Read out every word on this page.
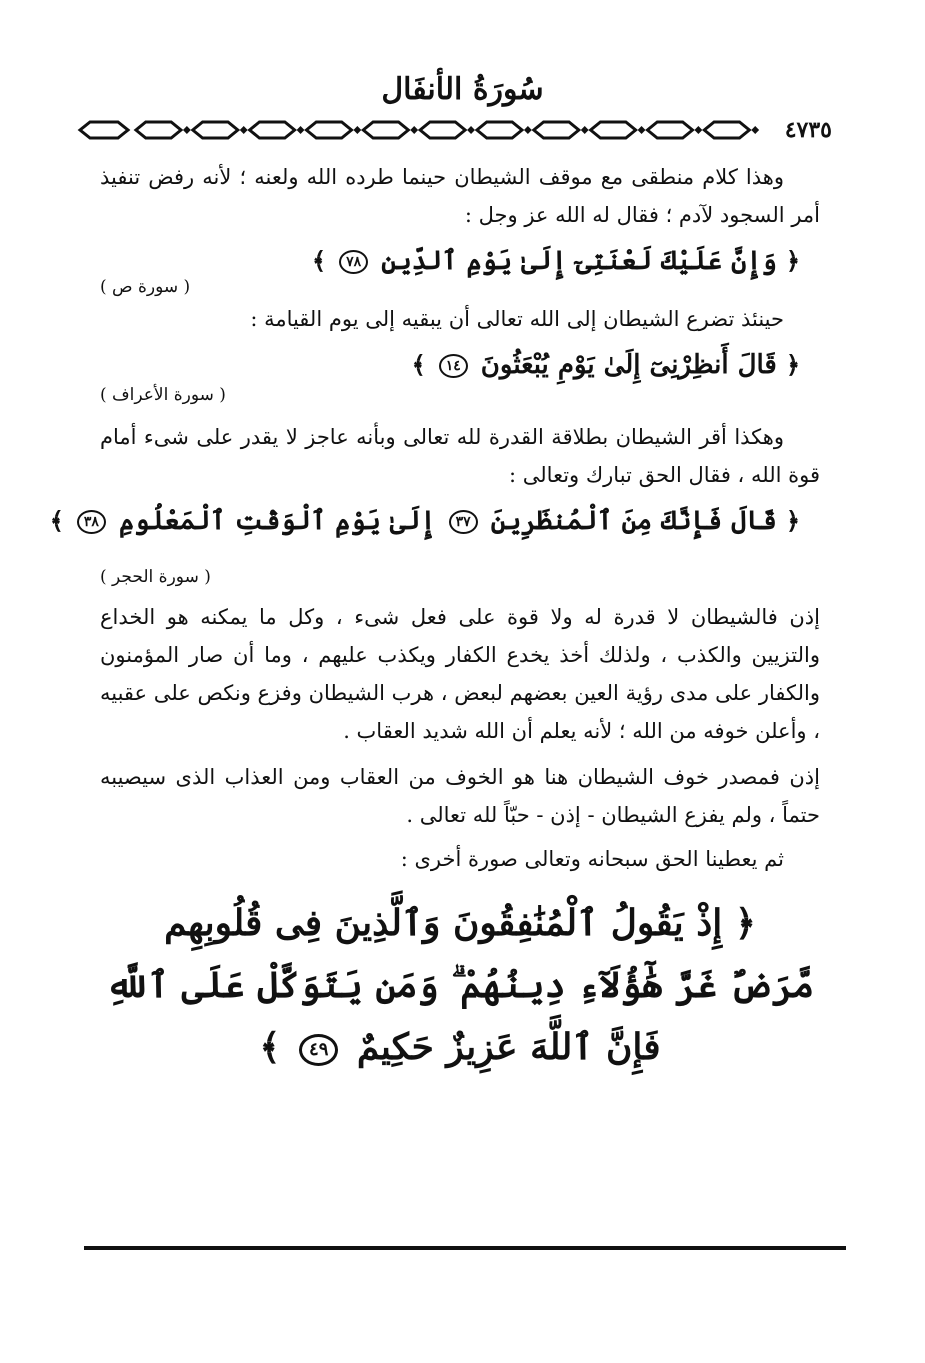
سُورَةُ الأنفَال
٤٧٣٥

وهذا كلام منطقى مع موقف الشيطان حينما طرده الله ولعنه ؛ لأنه رفض تنفيذ أمر السجود لآدم ؛ فقال له الله عز وجل :

﴿ وَإِنَّ عَلَيْكَ لَعْنَتِىٓ إِلَىٰ يَوْمِ ٱلدِّينِ ٧٨ ﴾
( سورة ص )

حينئذ تضرع الشيطان إلى الله تعالى أن يبقيه إلى يوم القيامة :

﴿ قَالَ أَنظِرْنِىٓ إِلَىٰ يَوْمِ يُبْعَثُونَ ١٤ ﴾
( سورة الأعراف )

وهكذا أقر الشيطان بطلاقة القدرة لله تعالى وبأنه عاجز لا يقدر على شىء أمام قوة الله ، فقال الحق تبارك وتعالى :

﴿ قَالَ فَإِنَّكَ مِنَ ٱلْمُنظَرِينَ ٣٧ إِلَىٰ يَوْمِ ٱلْوَقْتِ ٱلْمَعْلُومِ ٣٨ ﴾
( سورة الحجر )

إذن فالشيطان لا قدرة له ولا قوة على فعل شىء ، وكل ما يمكنه هو الخداع والتزيين والكذب ، ولذلك أخذ يخدع الكفار ويكذب عليهم ، وما أن صار المؤمنون والكفار على مدى رؤية العين بعضهم لبعض ، هرب الشيطان وفزع ونكص على عقبيه ، وأعلن خوفه من الله ؛ لأنه يعلم أن الله شديد العقاب .

إذن فمصدر خوف الشيطان هنا هو الخوف من العقاب ومن العذاب الذى سيصيبه حتماً ، ولم يفزع الشيطان - إذن - حبّاً لله تعالى .

ثم يعطينا الحق سبحانه وتعالى صورة أخرى :

﴿ إِذْ يَقُولُ ٱلْمُنَٰفِقُونَ وَٱلَّذِينَ فِى قُلُوبِهِم
مَّرَضٌ غَرَّ هَٰٓؤُلَآءِ دِينُهُمْ ۗ وَمَن يَتَوَكَّلْ عَلَى ٱللَّهِ
فَإِنَّ ٱللَّهَ عَزِيزٌ حَكِيمٌ ٤٩ ﴾
